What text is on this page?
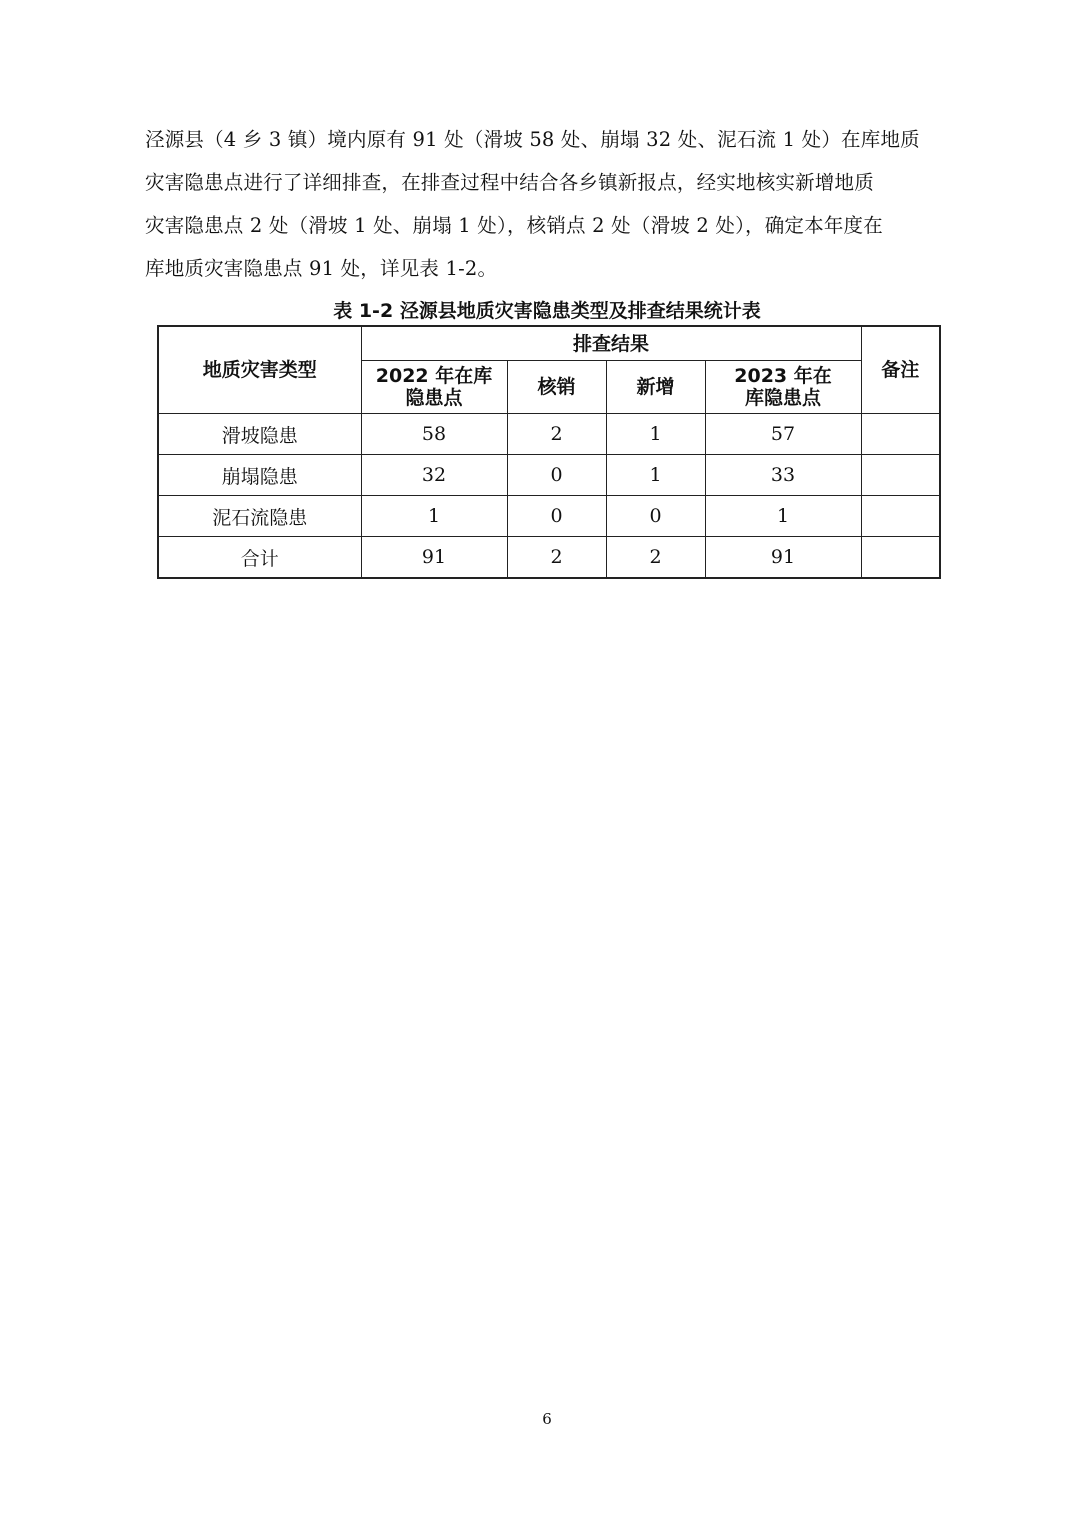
泾源县（4 乡 3 镇）境内原有 91 处（滑坡 58 处、崩塌 32 处、泥石流 1 处）在库地质
灾害隐患点进行了详细排查，在排查过程中结合各乡镇新报点，经实地核实新增地质
灾害隐患点 2 处（滑坡 1 处、崩塌 1 处），核销点 2 处（滑坡 2 处），确定本年度在
库地质灾害隐患点 91 处，详见表 1-2。
表 1-2 泾源县地质灾害隐患类型及排查结果统计表
地质灾害类型	排查结果				备注
	2022 年在库隐患点	核销	新增	2023 年在库隐患点	
滑坡隐患	58	2	1	57	
崩塌隐患	32	0	1	33	
泥石流隐患	1	0	0	1	
合计	91	2	2	91	
6
